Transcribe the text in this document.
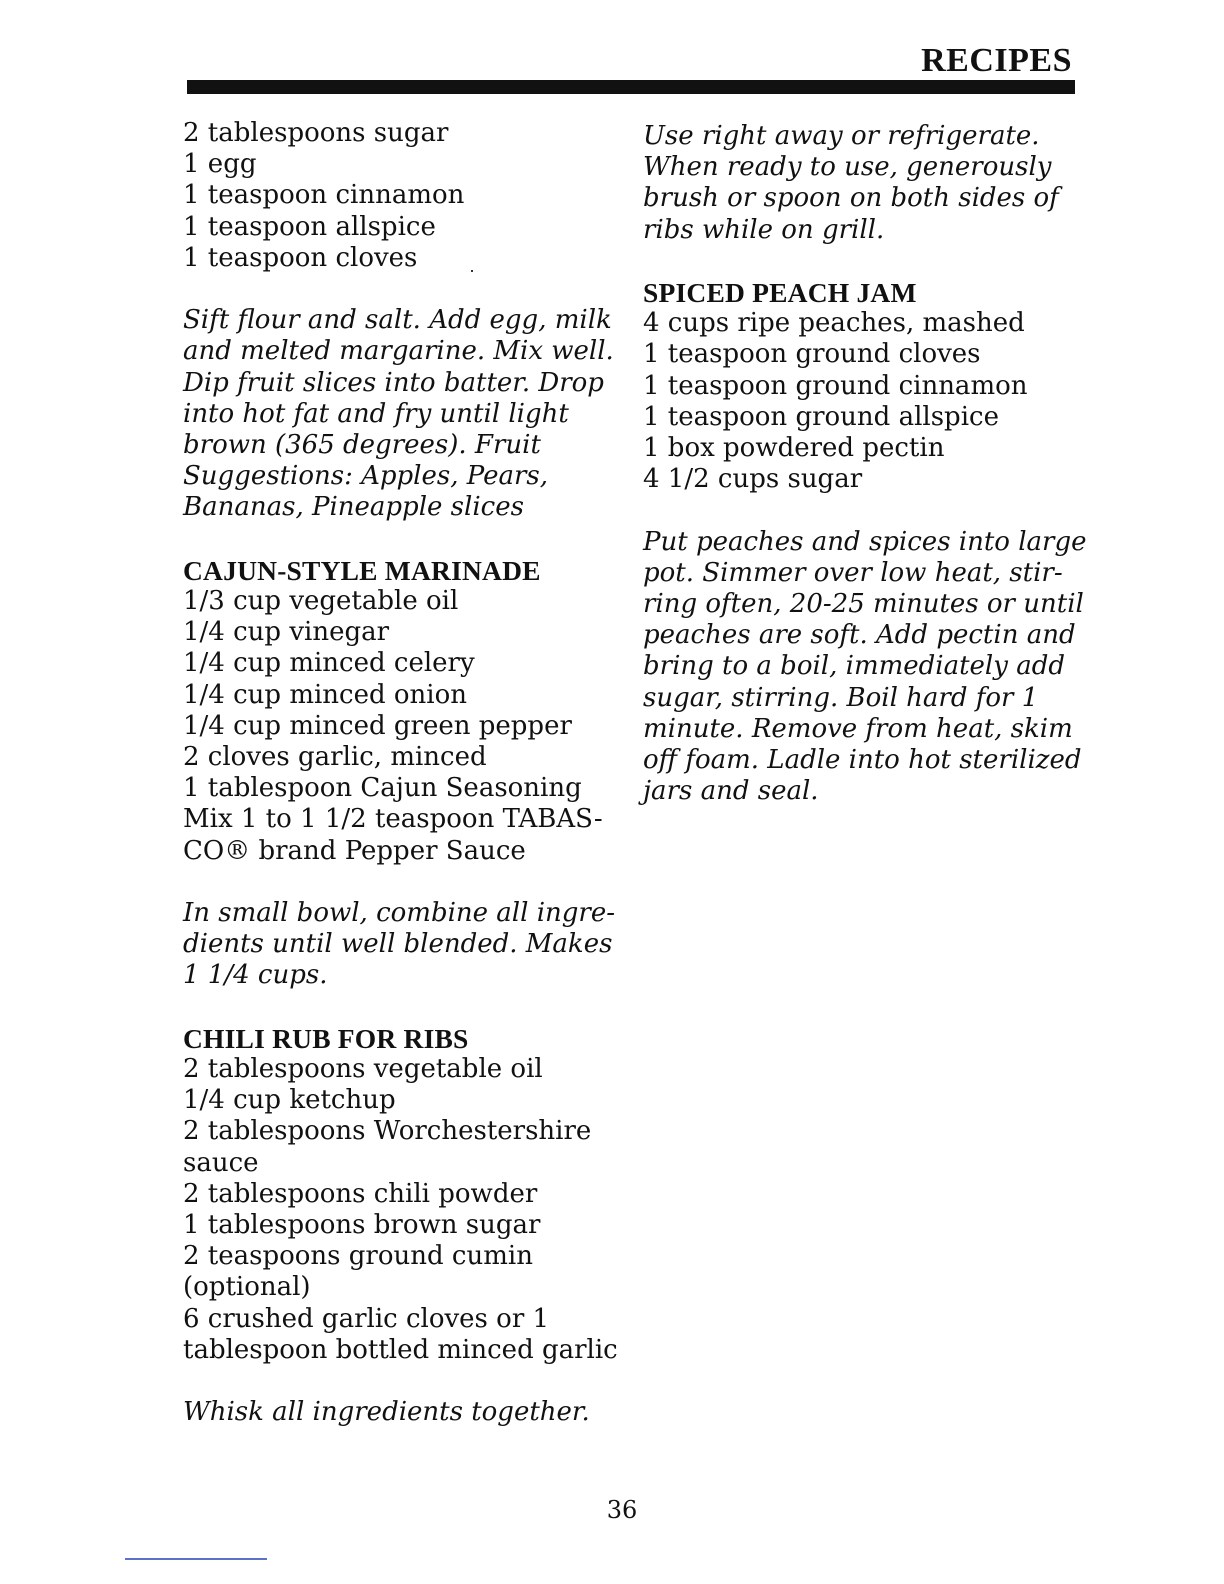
RECIPES
2 tablespoons sugar
1 egg
1 teaspoon cinnamon
1 teaspoon allspice
1 teaspoon cloves
Sift flour and salt. Add egg, milk
and melted margarine. Mix well.
Dip fruit slices into batter. Drop
into hot fat and fry until light
brown (365 degrees). Fruit
Suggestions: Apples, Pears,
Bananas, Pineapple slices
CAJUN-STYLE MARINADE
1/3 cup vegetable oil
1/4 cup vinegar
1/4 cup minced celery
1/4 cup minced onion
1/4 cup minced green pepper
2 cloves garlic, minced
1 tablespoon Cajun Seasoning
Mix 1 to 1 1/2 teaspoon TABAS-
CO® brand Pepper Sauce
In small bowl, combine all ingre-
dients until well blended. Makes
1 1/4 cups.
CHILI RUB FOR RIBS
2 tablespoons vegetable oil
1/4 cup ketchup
2 tablespoons Worchestershire
sauce
2 tablespoons chili powder
1 tablespoons brown sugar
2 teaspoons ground cumin
(optional)
6 crushed garlic cloves or 1
tablespoon bottled minced garlic
Whisk all ingredients together.
Use right away or refrigerate.
When ready to use, generously
brush or spoon on both sides of
ribs while on grill.
SPICED PEACH JAM
4 cups ripe peaches, mashed
1 teaspoon ground cloves
1 teaspoon ground cinnamon
1 teaspoon ground allspice
1 box powdered pectin
4 1/2 cups sugar
Put peaches and spices into large
pot. Simmer over low heat, stir-
ring often, 20-25 minutes or until
peaches are soft. Add pectin and
bring to a boil, immediately add
sugar, stirring. Boil hard for 1
minute. Remove from heat, skim
off foam. Ladle into hot sterilized
jars and seal.
36
